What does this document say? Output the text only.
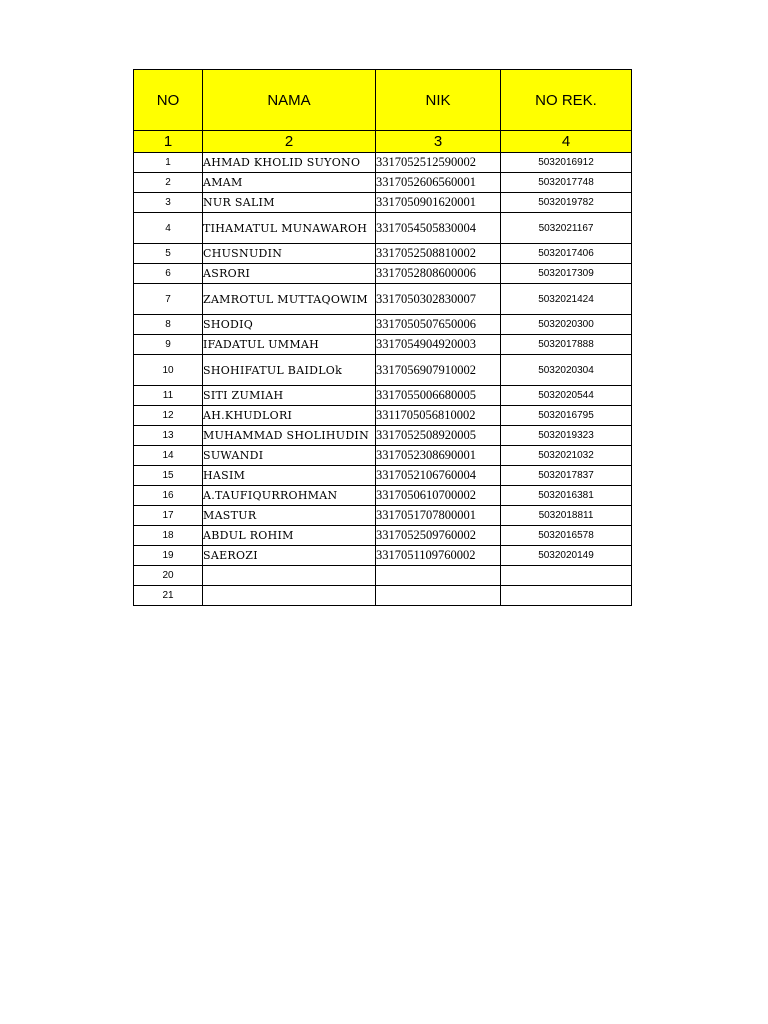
NO	NAMA	NIK	NO REK.
1	2	3	4
1	AHMAD KHOLID SUYONO	3317052512590002	5032016912
2	AMAM	3317052606560001	5032017748
3	NUR SALIM	3317050901620001	5032019782
4	TIHAMATUL MUNAWAROH	3317054505830004	5032021167
5	CHUSNUDIN	3317052508810002	5032017406
6	ASRORI	3317052808600006	5032017309
7	ZAMROTUL MUTTAQOWIM	3317050302830007	5032021424
8	SHODIQ	3317050507650006	5032020300
9	IFADATUL UMMAH	3317054904920003	5032017888
10	SHOHIFATUL BAIDLOk	3317056907910002	5032020304
11	SITI ZUMIAH	3317055006680005	5032020544
12	AH.KHUDLORI	3311705056810002	5032016795
13	MUHAMMAD SHOLIHUDIN	3317052508920005	5032019323
14	SUWANDI	3317052308690001	5032021032
15	HASIM	3317052106760004	5032017837
16	A.TAUFIQURROHMAN	3317050610700002	5032016381
17	MASTUR	3317051707800001	5032018811
18	ABDUL ROHIM	3317052509760002	5032016578
19	SAEROZI	3317051109760002	5032020149
20			
21			
